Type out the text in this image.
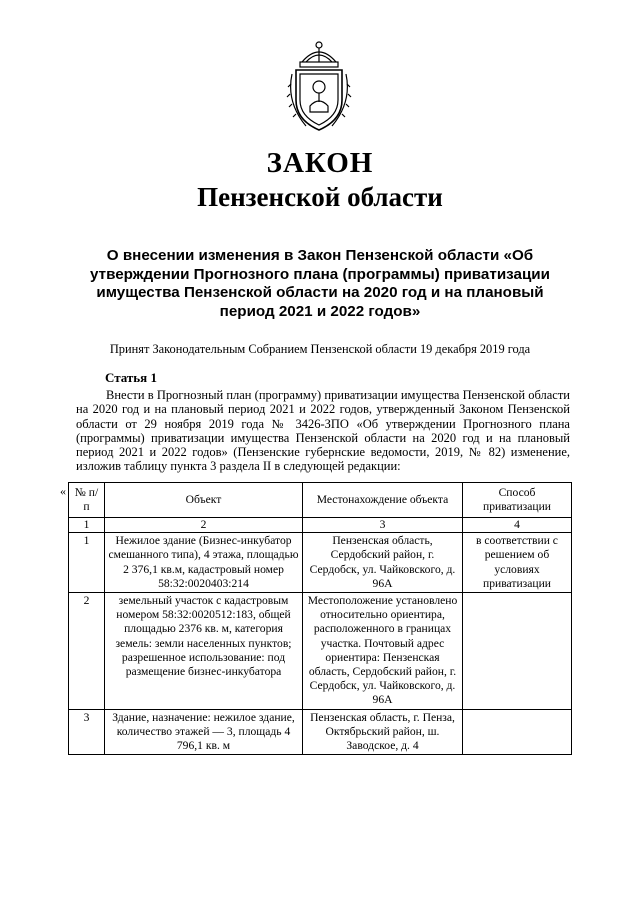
ЗАКОН
Пензенской области
О внесении изменения в Закон Пензенской области «Об утверждении Прогнозного плана (программы) приватизации имущества Пензенской области на 2020 год и на плановый период 2021 и 2022 годов»
Принят Законодательным Собранием Пензенской области 19 декабря 2019 года
Статья 1
Внести в Прогнозный план (программу) приватизации имущества Пензенской области на 2020 год и на плановый период 2021 и 2022 годов, утвержденный Законом Пензенской области от 29 ноября 2019 года № 3426-ЗПО «Об утверждении Прогнозного плана (программы) приватизации имущества Пензенской области на 2020 год и на плановый период 2021 и 2022 годов» (Пензенские губернские ведомости, 2019, № 82) изменение, изложив таблицу пункта 3 раздела II в следующей редакции:
« № п/п	Объект	Местонахождение объекта	Способ приватизации
1	2	3	4
1	Нежилое здание (Бизнес-инкубатор смешанного типа), 4 этажа, площадью 2 376,1 кв.м, кадастровый номер 58:32:0020403:214	Пензенская область, Сердобский район, г. Сердобск, ул. Чайковского, д. 96А	в соответствии с решением об условиях приватизации
2	земельный участок с кадастровым номером 58:32:0020512:183, общей площадью 2376 кв. м, категория земель: земли населенных пунктов; разрешенное использование: под размещение бизнес-инкубатора	Местоположение установлено относительно ориентира, расположенного в границах участка. Почтовый адрес ориентира: Пензенская область, Сердобский район, г. Сердобск, ул. Чайковского, д. 96А	
3	Здание, назначение: нежилое здание, количество этажей — 3, площадь 4 796,1 кв. м	Пензенская область, г. Пенза, Октябрьский район, ш. Заводское, д. 4	
